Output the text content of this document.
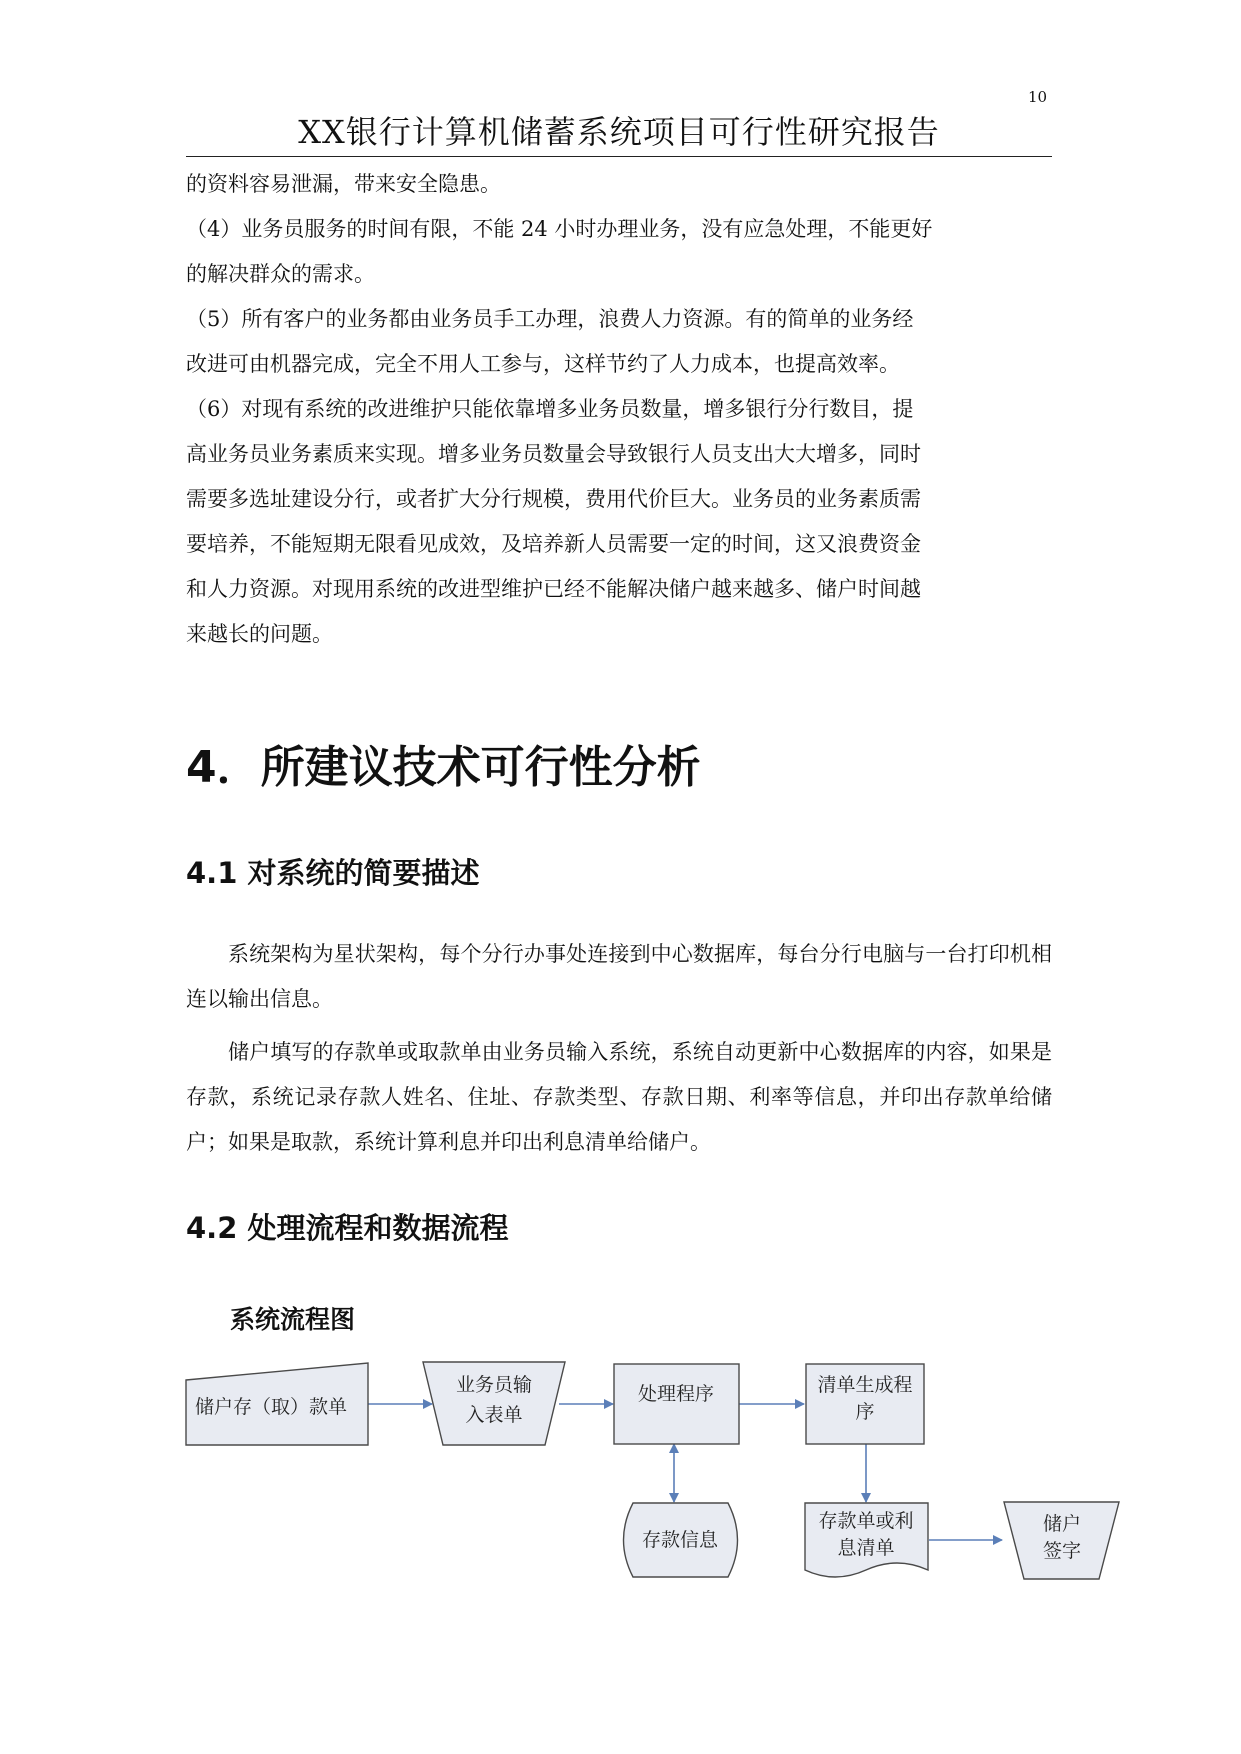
10
XX银行计算机储蓄系统项目可行性研究报告
的资料容易泄漏，带来安全隐患。
（4）业务员服务的时间有限，不能 24 小时办理业务，没有应急处理，不能更好
的解决群众的需求。
（5）所有客户的业务都由业务员手工办理，浪费人力资源。有的简单的业务经
改进可由机器完成，完全不用人工参与，这样节约了人力成本，也提高效率。
（6）对现有系统的改进维护只能依靠增多业务员数量，增多银行分行数目，提
高业务员业务素质来实现。增多业务员数量会导致银行人员支出大大增多，同时
需要多选址建设分行，或者扩大分行规模，费用代价巨大。业务员的业务素质需
要培养，不能短期无限看见成效，及培养新人员需要一定的时间，这又浪费资金
和人力资源。对现用系统的改进型维护已经不能解决储户越来越多、储户时间越
来越长的问题。
4．所建议技术可行性分析
4.1 对系统的简要描述

系统架构为星状架构，每个分行办事处连接到中心数据库，每台分行电脑与一台打印机相连以输出信息。

储户填写的存款单或取款单由业务员输入系统，系统自动更新中心数据库的内容，如果是存款，系统记录存款人姓名、住址、存款类型、存款日期、利率等信息，并印出存款单给储户；如果是取款，系统计算利息并印出利息清单给储户。

4.2 处理流程和数据流程
系统流程图
储户存（取）款单
业务员输
入表单
处理程序	清单生成程
序
存款信息
存款单或利
息清单
储户
签字
